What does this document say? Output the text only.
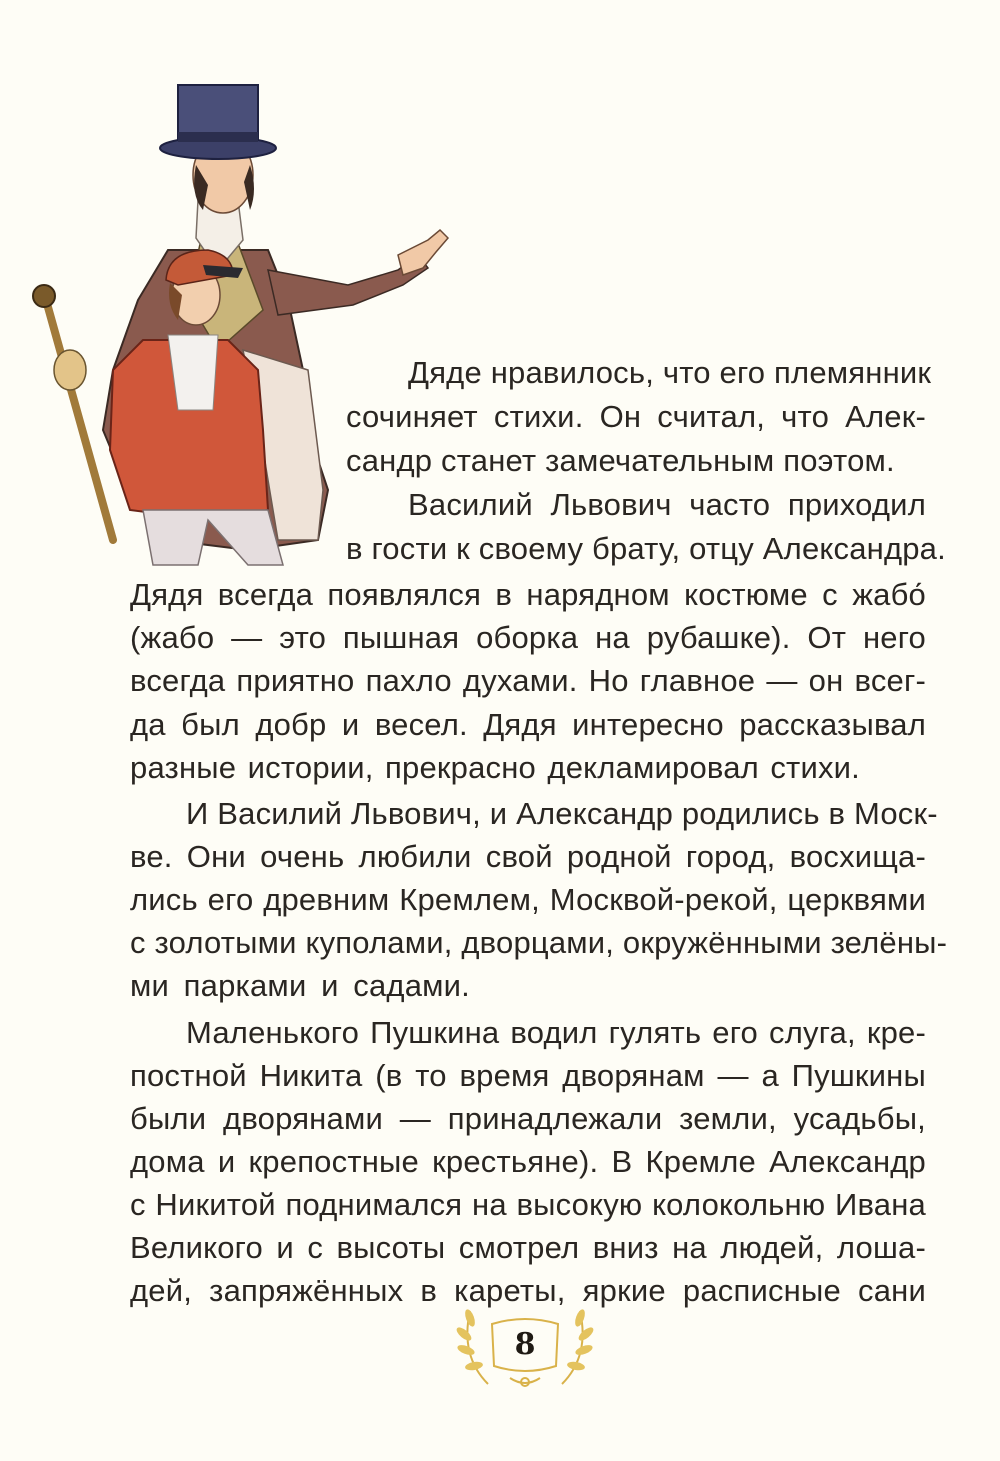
Дяде нравилось, что его племянник
сочиняет стихи. Он считал, что Алек-
сандр станет замечательным поэтом.
Василий Львович часто приходил
в гости к своему брату, отцу Александра.
Дядя всегда появлялся в нарядном костюме с жабо́
(жабо — это пышная оборка на рубашке). От него
всегда приятно пахло духами. Но главное — он всег-
да был добр и весел. Дядя интересно рассказывал
разные истории, прекрасно декламировал стихи.
И Василий Львович, и Александр родились в Моск-
ве. Они очень любили свой родной город, восхища-
лись его древним Кремлем, Москвой-рекой, церквями
с золотыми куполами, дворцами, окружёнными зелёны-
ми парками и садами.
Маленького Пушкина водил гулять его слуга, кре-
постной Никита (в то время дворянам — а Пушкины
были дворянами — принадлежали земли, усадьбы,
дома и крепостные крестьяне). В Кремле Александр
с Никитой поднимался на высокую колокольню Ивана
Великого и с высоты смотрел вниз на людей, лоша-
дей, запряжённых в кареты, яркие расписные сани
8
